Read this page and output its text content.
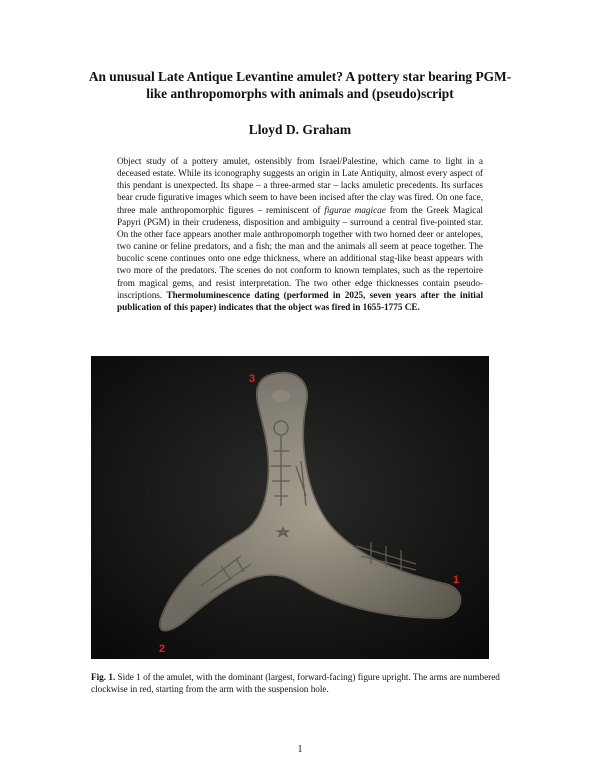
An unusual Late Antique Levantine amulet? A pottery star bearing PGM-like anthropomorphs with animals and (pseudo)script
Lloyd D. Graham
Object study of a pottery amulet, ostensibly from Israel/Palestine, which came to light in a deceased estate. While its iconography suggests an origin in Late Antiquity, almost every aspect of this pendant is unexpected. Its shape – a three-armed star – lacks amuletic precedents. Its surfaces bear crude figurative images which seem to have been incised after the clay was fired. On one face, three male anthropomorphic figures – reminiscent of figurae magicae from the Greek Magical Papyri (PGM) in their crudeness, disposition and ambiguity – surround a central five-pointed star. On the other face appears another male anthropomorph together with two horned deer or antelopes, two canine or feline predators, and a fish; the man and the animals all seem at peace together. The bucolic scene continues onto one edge thickness, where an additional stag-like beast appears with two more of the predators. The scenes do not conform to known templates, such as the repertoire from magical gems, and resist interpretation. The two other edge thicknesses contain pseudo-inscriptions. Thermoluminescence dating (performed in 2025, seven years after the initial publication of this paper) indicates that the object was fired in 1655-1775 CE.
3
1
2
Fig. 1. Side 1 of the amulet, with the dominant (largest, forward-facing) figure upright. The arms are numbered clockwise in red, starting from the arm with the suspension hole.
1
